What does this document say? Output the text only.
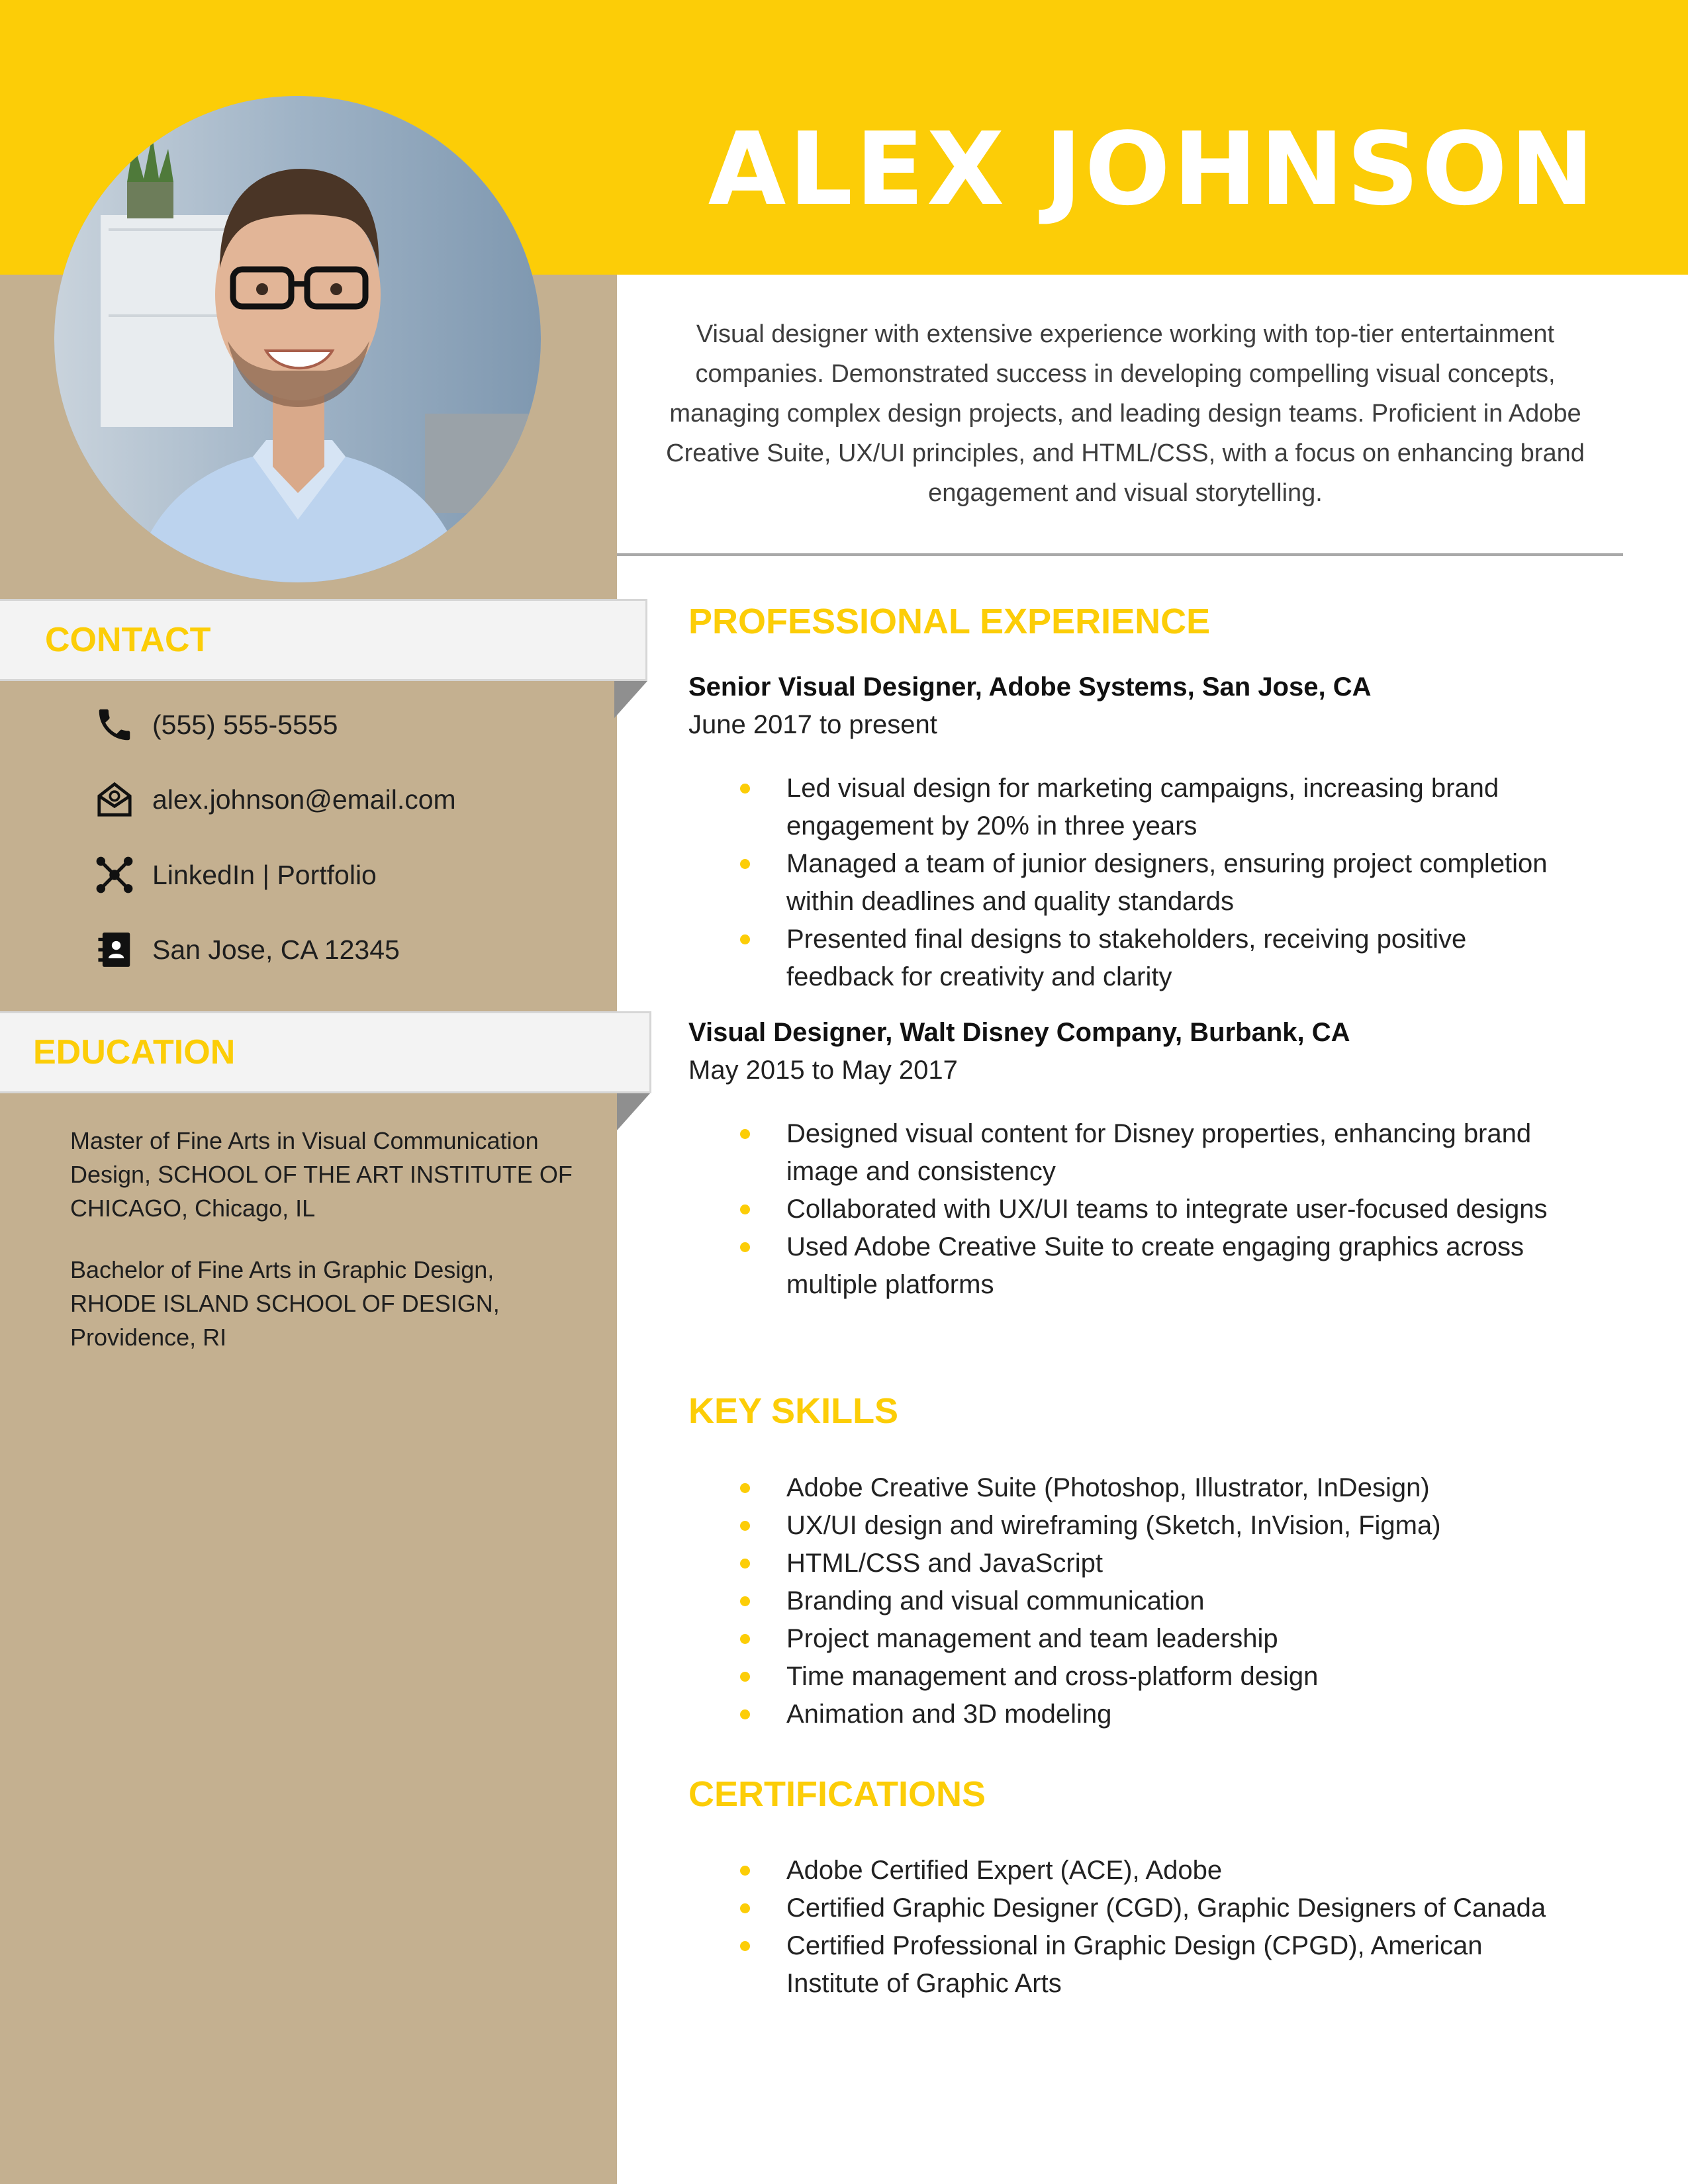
ALEX JOHNSON

Visual designer with extensive experience working with top-tier entertainment companies. Demonstrated success in developing compelling visual concepts, managing complex design projects, and leading design teams. Proficient in Adobe Creative Suite, UX/UI principles, and HTML/CSS, with a focus on enhancing brand engagement and visual storytelling.

CONTACT
(555) 555-5555
alex.johnson@email.com
LinkedIn | Portfolio
San Jose, CA 12345
EDUCATION
Master of Fine Arts in Visual Communication Design, SCHOOL OF THE ART INSTITUTE OF CHICAGO, Chicago, IL
Bachelor of Fine Arts in Graphic Design, RHODE ISLAND SCHOOL OF DESIGN, Providence, RI
PROFESSIONAL EXPERIENCE
Senior Visual Designer, Adobe Systems, San Jose, CA
June 2017 to present
Led visual design for marketing campaigns, increasing brand engagement by 20% in three years
Managed a team of junior designers, ensuring project completion within deadlines and quality standards
Presented final designs to stakeholders, receiving positive feedback for creativity and clarity
Visual Designer, Walt Disney Company, Burbank, CA
May 2015 to May 2017
Designed visual content for Disney properties, enhancing brand image and consistency
Collaborated with UX/UI teams to integrate user-focused designs
Used Adobe Creative Suite to create engaging graphics across multiple platforms
KEY SKILLS
Adobe Creative Suite (Photoshop, Illustrator, InDesign)
UX/UI design and wireframing (Sketch, InVision, Figma)
HTML/CSS and JavaScript
Branding and visual communication
Project management and team leadership
Time management and cross-platform design
Animation and 3D modeling
CERTIFICATIONS
Adobe Certified Expert (ACE), Adobe
Certified Graphic Designer (CGD), Graphic Designers of Canada
Certified Professional in Graphic Design (CPGD), American Institute of Graphic Arts
